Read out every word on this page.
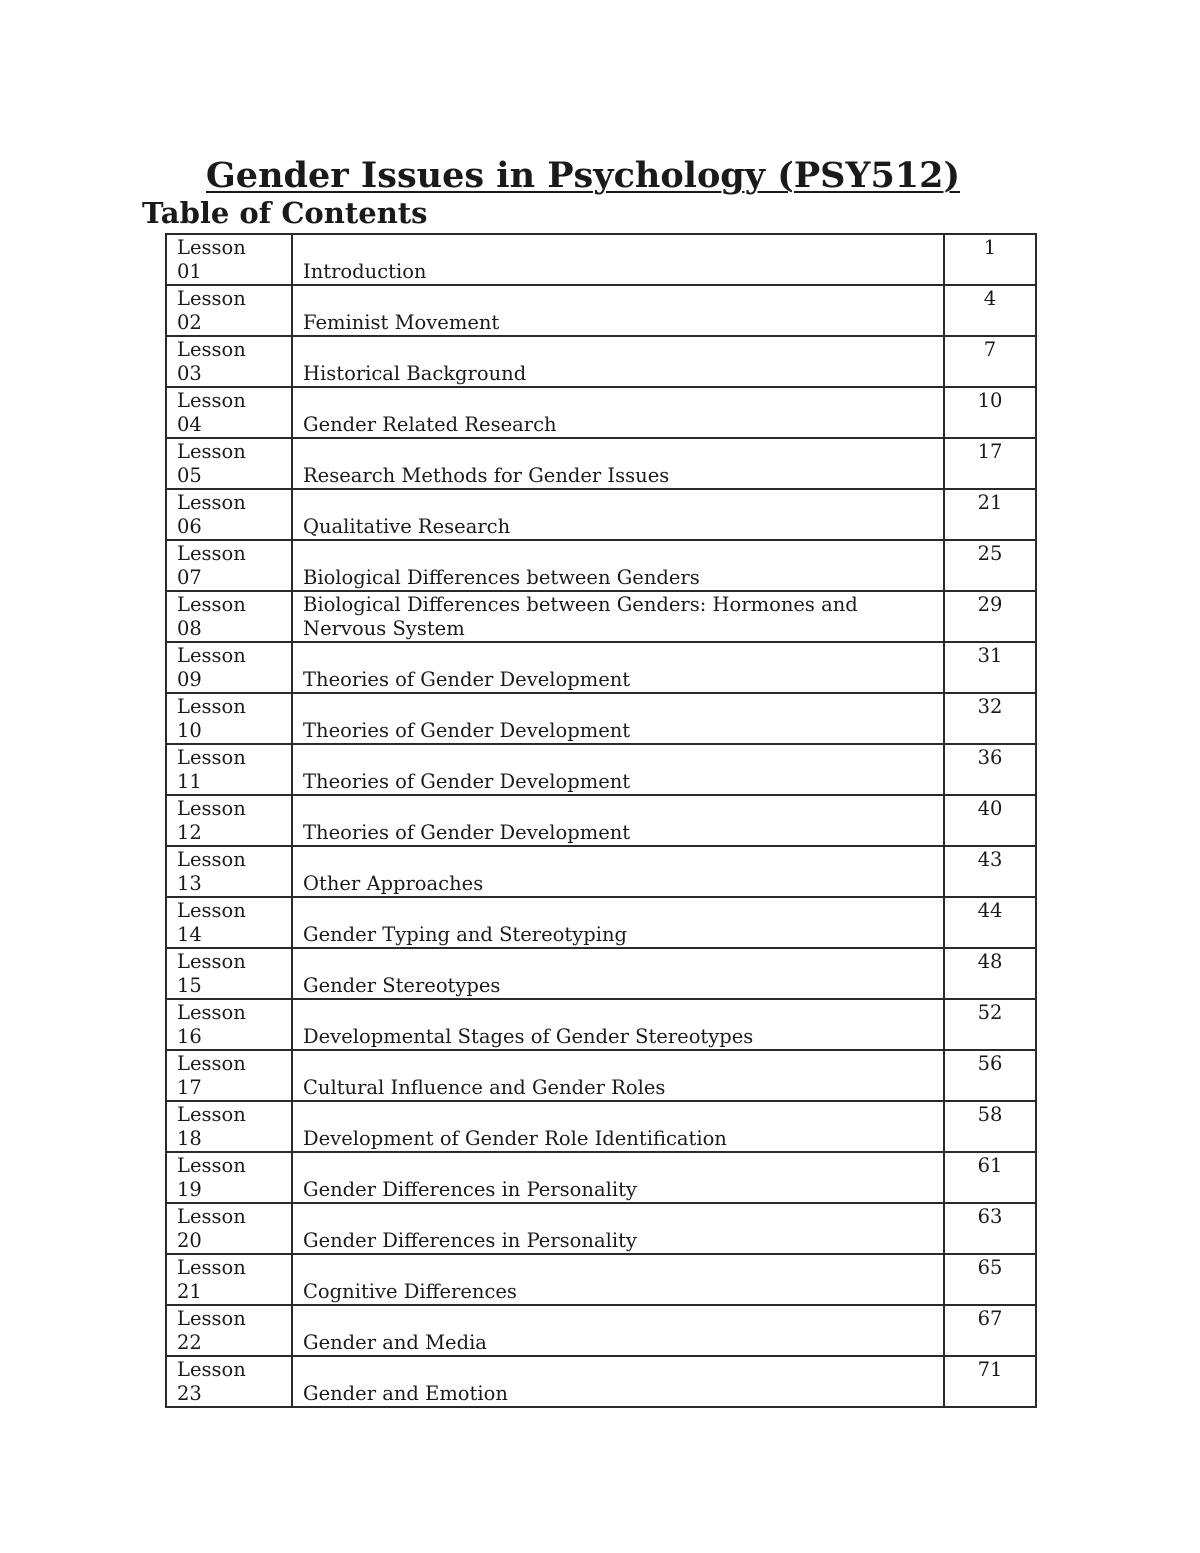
Gender Issues in Psychology (PSY512)
Table of Contents
Lesson
01	Introduction	1

Lesson
02	Feminist Movement	4

Lesson
03	Historical Background	7

Lesson
04	Gender Related Research	10

Lesson
05	Research Methods for Gender Issues	17

Lesson
06	Qualitative Research	21

Lesson
07	Biological Differences between Genders	25

Lesson
08	Biological Differences between Genders: Hormones and Nervous System	29

Lesson
09	Theories of Gender Development	31

Lesson
10	Theories of Gender Development	32

Lesson
11	Theories of Gender Development	36

Lesson
12	Theories of Gender Development	40

Lesson
13	Other Approaches	43

Lesson
14	Gender Typing and Stereotyping	44

Lesson
15	Gender Stereotypes	48

Lesson
16	Developmental Stages of Gender Stereotypes	52

Lesson
17	Cultural Influence and Gender Roles	56

Lesson
18	Development of Gender Role Identification	58

Lesson
19	Gender Differences in Personality	61

Lesson
20	Gender Differences in Personality	63

Lesson
21	Cognitive Differences	65

Lesson
22	Gender and Media	67

Lesson
23	Gender and Emotion	71
